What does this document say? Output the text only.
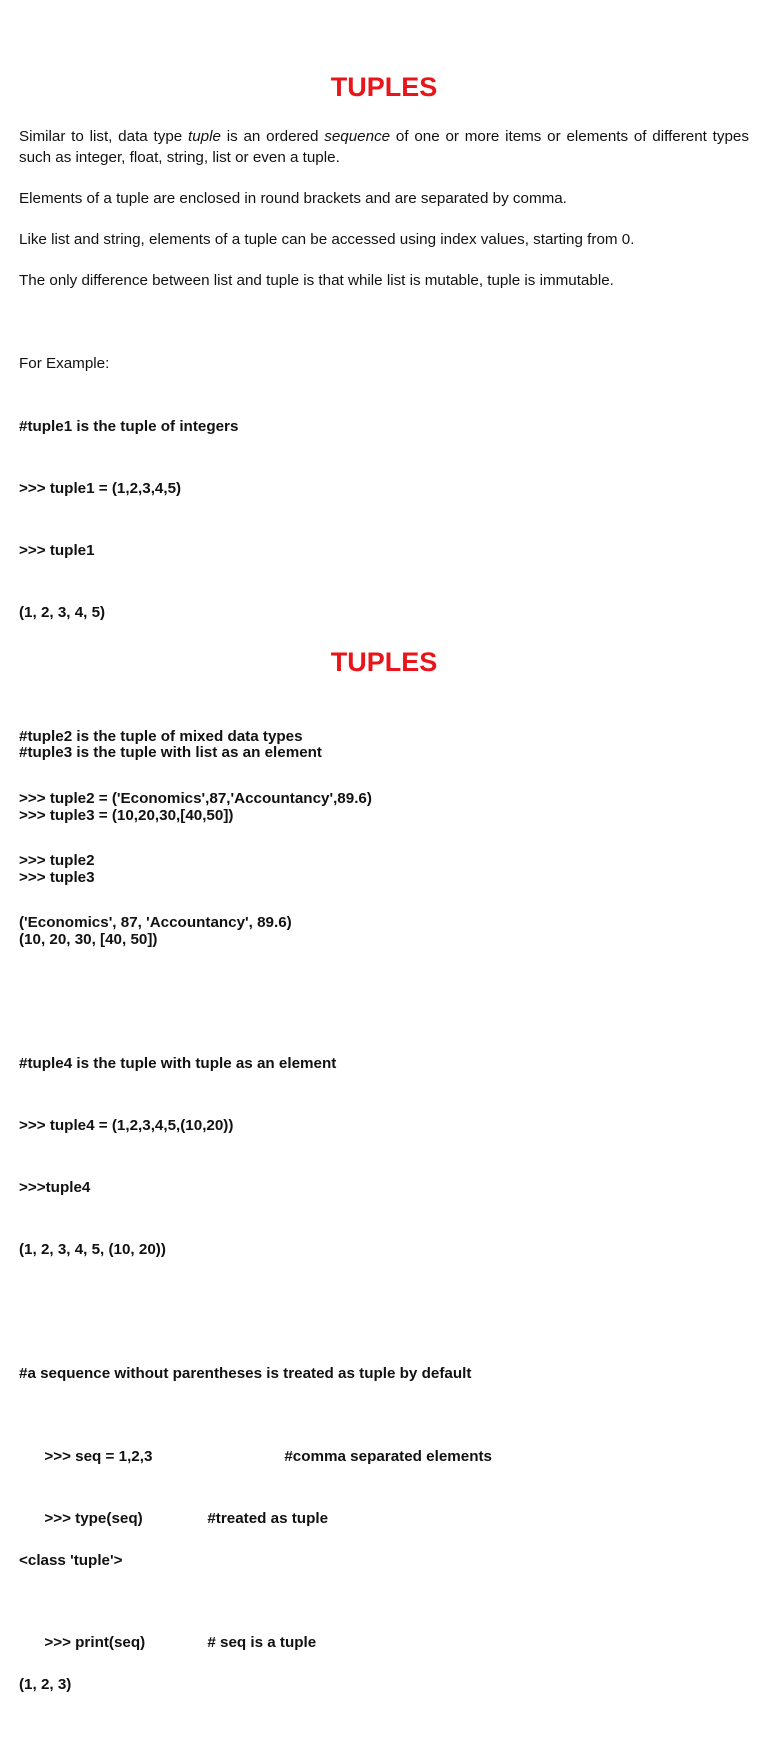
TUPLES

Similar to list, data type tuple is an ordered sequence of one or more items or elements of different types such as integer, float, string, list or even a tuple.

Elements of a tuple are enclosed in round brackets and are separated by comma.

Like list and string, elements of a tuple can be accessed using index values, starting from 0.

The only difference between list and tuple is that while list is mutable, tuple is immutable.

For Example:

#tuple1 is the tuple of integers

>>> tuple1 = (1,2,3,4,5)

>>> tuple1

(1, 2, 3, 4, 5)

#tuple2 is the tuple of mixed data types

>>> tuple2 = ('Economics',87,'Accountancy',89.6)

>>> tuple2

('Economics', 87, 'Accountancy', 89.6)

TUPLES

#tuple3 is the tuple with list as an element

>>> tuple3 = (10,20,30,[40,50])

>>> tuple3

(10, 20, 30, [40, 50])

#tuple4 is the tuple with tuple as an element

>>> tuple4 = (1,2,3,4,5,(10,20))

>>>tuple4

(1, 2, 3, 4, 5, (10, 20))

#a sequence without parentheses is treated as tuple by default

>>> seq = 1,2,3	#comma separated elements

>>> type(seq)	#treated as tuple

<class 'tuple'>

>>> print(seq)	# seq is a tuple

(1, 2, 3)
